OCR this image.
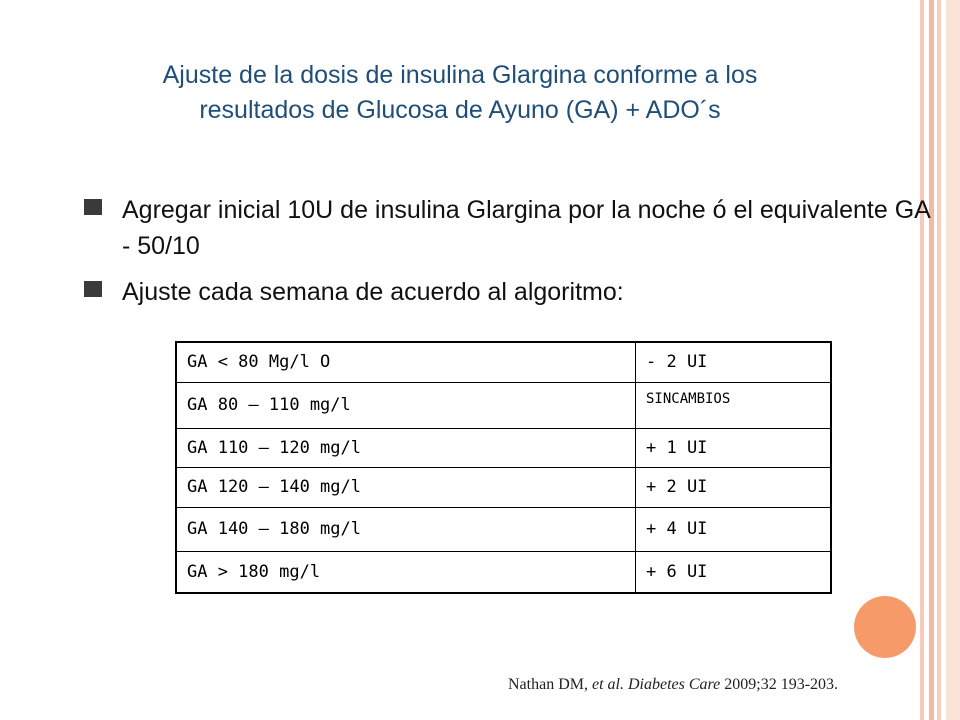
Ajuste de la dosis de insulina Glargina conforme a los
resultados de Glucosa de Ayuno (GA) + ADO´s
Agregar inicial 10U de insulina Glargina por la noche ó el equivalente GA - 50/10
Ajuste cada semana de acuerdo al algoritmo:
GA < 80 Mg/l O	- 2 UI
GA 80 – 110 mg/l	SINCAMBIOS
GA 110 – 120 mg/l	+ 1 UI
GA 120 – 140 mg/l	+ 2 UI
GA 140 – 180 mg/l	+ 4 UI
GA > 180 mg/l	+ 6 UI
Nathan DM, et al. Diabetes Care 2009;32 193-203.
